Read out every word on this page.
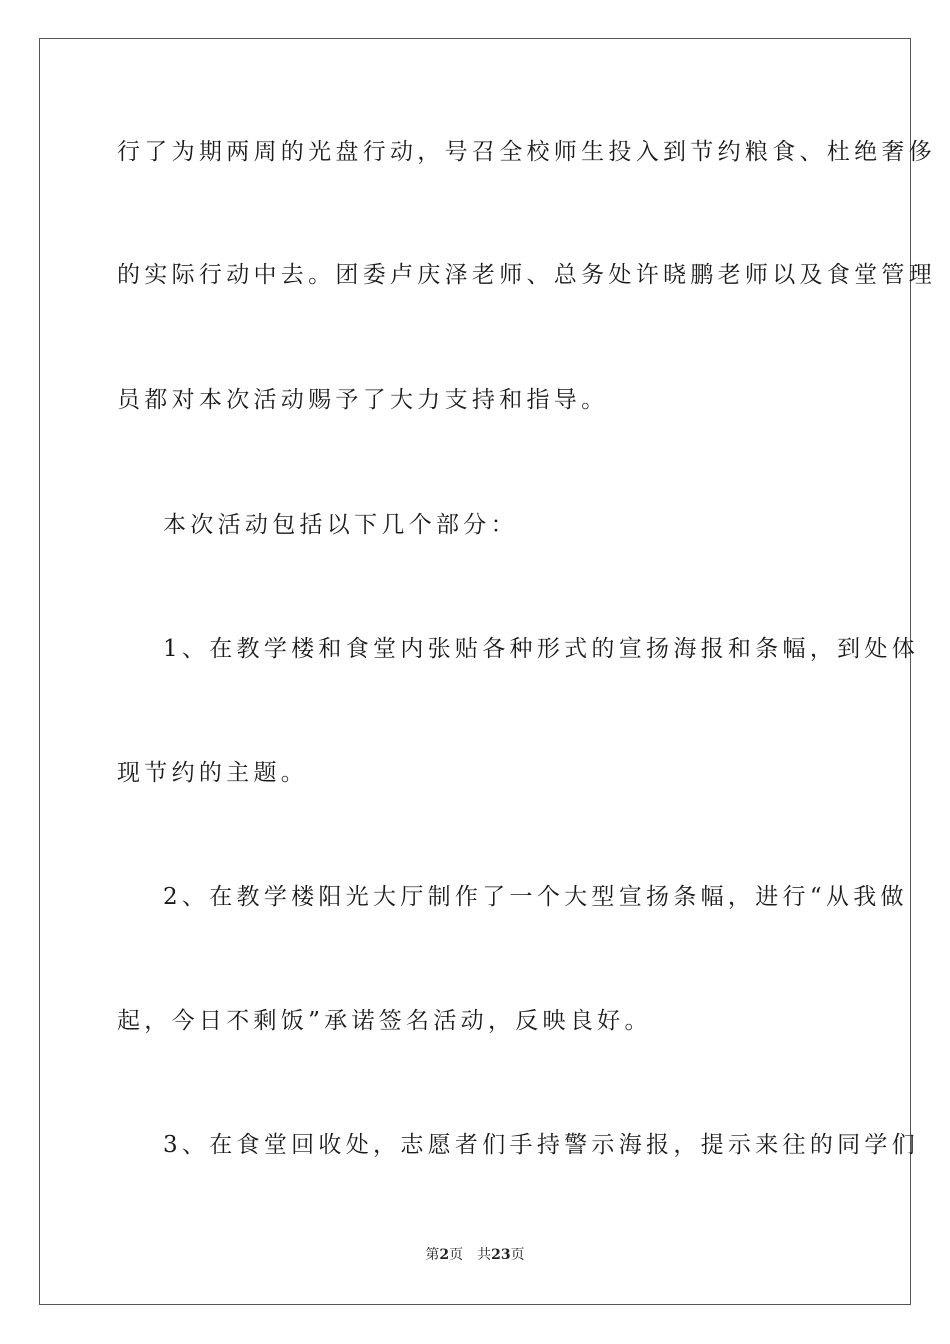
行了为期两周的光盘行动，号召全校师生投入到节约粮食、杜绝奢侈
的实际行动中去。团委卢庆泽老师、总务处许晓鹏老师以及食堂管理
员都对本次活动赐予了大力支持和指导。
本次活动包括以下几个部分：
1、在教学楼和食堂内张贴各种形式的宣扬海报和条幅，到处体
现节约的主题。
2、在教学楼阳光大厅制作了一个大型宣扬条幅，进行“从我做
起，今日不剩饭”承诺签名活动，反映良好。
3、在食堂回收处，志愿者们手持警示海报，提示来往的同学们
第2页 共23页
